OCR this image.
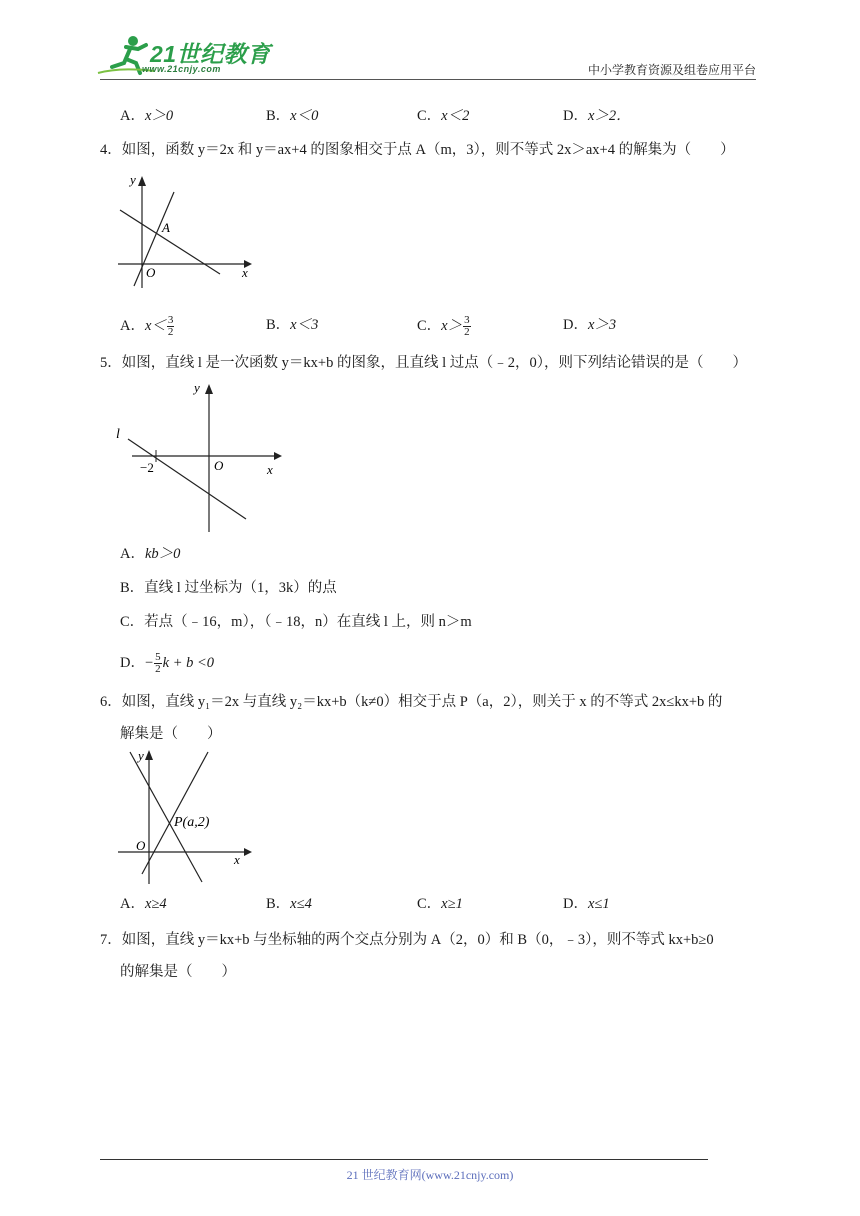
21世纪教育
www.21cnjy.com	中小学教育资源及组卷应用平台
A．x＞0	B．x＜0	C．x＜2	D．x＞2．
4．如图，函数 y＝2x 和 y＝ax+4 的图象相交于点 A（m，3），则不等式 2x＞ax+4 的解集为（　　）
y
x
O
A
A．$x< \frac{3}{2}$	B．x＜3	C．$x> \frac{3}{2}$	D．x＞3
5．如图，直线 l 是一次函数 y＝kx+b 的图象，且直线 l 过点（﹣2，0），则下列结论错误的是（　　）
y
x
O
l
−2
A．kb＞0
B．直线 l 过坐标为（1，3k）的点
C．若点（﹣16，m），（﹣18，n）在直线 l 上，则 n＞m
D．− $\frac{5}{2}$ k + b <0
6．如图，直线 y₁＝2x 与直线 y₂＝kx+b（k≠0）相交于点 P（a，2），则关于 x 的不等式 2x≤kx+b 的
解集是（　　）
y
x
O
P(a,2)
A．x≥4	B．x≤4	C．x≥1	D．x≤1
7．如图，直线 y＝kx+b 与坐标轴的两个交点分别为 A（2，0）和 B（0，﹣3），则不等式 kx+b≥0
的解集是（　　）
21 世纪教育网(www.21cnjy.com)
